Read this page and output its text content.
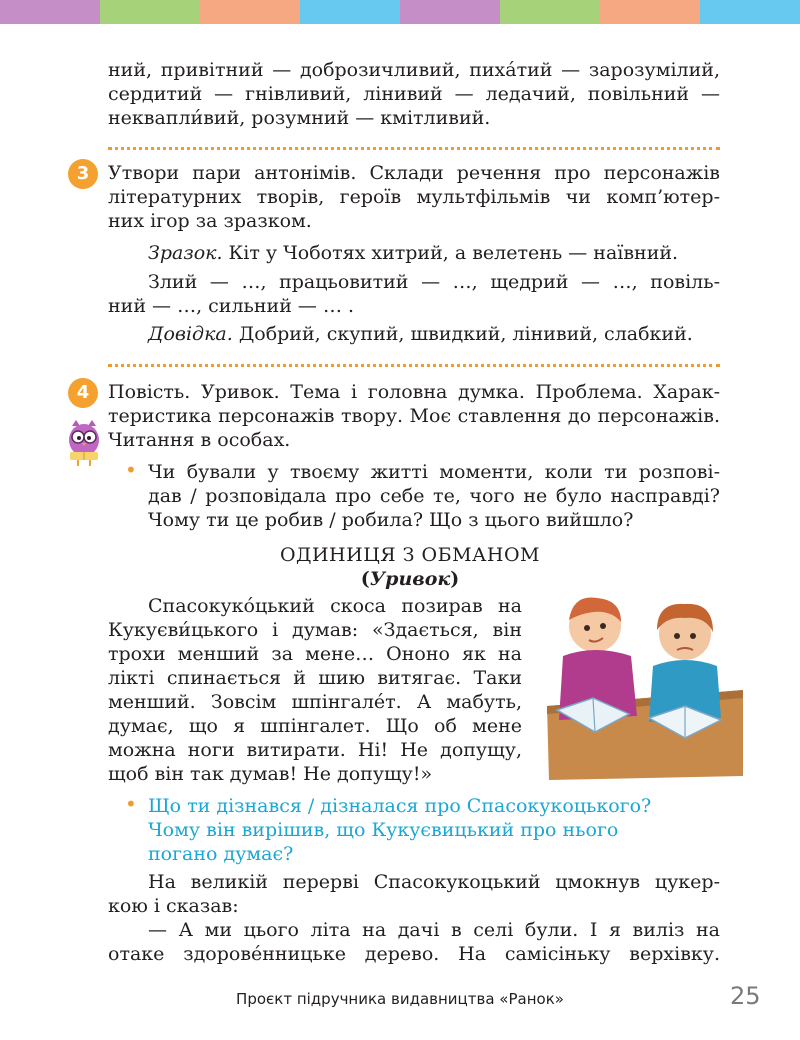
ний, привітний — доброзичливий, пиха́тий — зарозумілий,
сердитий — гнівливий, лінивий — ледачий, повільний —
неквапли́вий, розумний — кмітливий.
3 Утвори пари антонімів. Склади речення про персонажів
літературних творів, героїв мультфільмів чи комп’ютер-
них ігор за зразком.
Зразок. Кіт у Чоботях хитрий, а велетень — наївний.
Злий — …, працьовитий — …, щедрий — …, повіль-
ний — …, сильний — … .
Довідка. Добрий, скупий, швидкий, лінивий, слабкий.
4 Повість. Уривок. Тема і головна думка. Проблема. Харак-
теристика персонажів твору. Моє ставлення до персонажів.
Читання в особах.
• Чи бували у твоєму житті моменти, коли ти розпові-
дав / розповідала про себе те, чого не було насправді?
Чому ти це робив / робила? Що з цього вийшло?
ОДИНИЦЯ З ОБМАНОМ
(Уривок)
Спасокуко́цький скоса позирав на
Кукуєви́цького і думав: «Здається, він
трохи менший за мене… Ононо як на
лікті спинається й шию витягає. Таки
менший. Зовсім шпінгале́т. А мабуть,
думає, що я шпінгалет. Що об мене
можна ноги витирати. Ні! Не допущу,
щоб він так думав! Не допущу!»
• Що ти дізнався / дізналася про Спасокукоцького?
Чому він вирішив, що Кукуєвицький про нього
погано думає?
На великій перерві Спасокукоцький цмокнув цукер-
кою і сказав:
— А ми цього літа на дачі в селі були. І я виліз на
отаке здорове́нницьке дерево. На самісіньку верхівку.
Проєкт підручника видавництва «Ранок»	25
